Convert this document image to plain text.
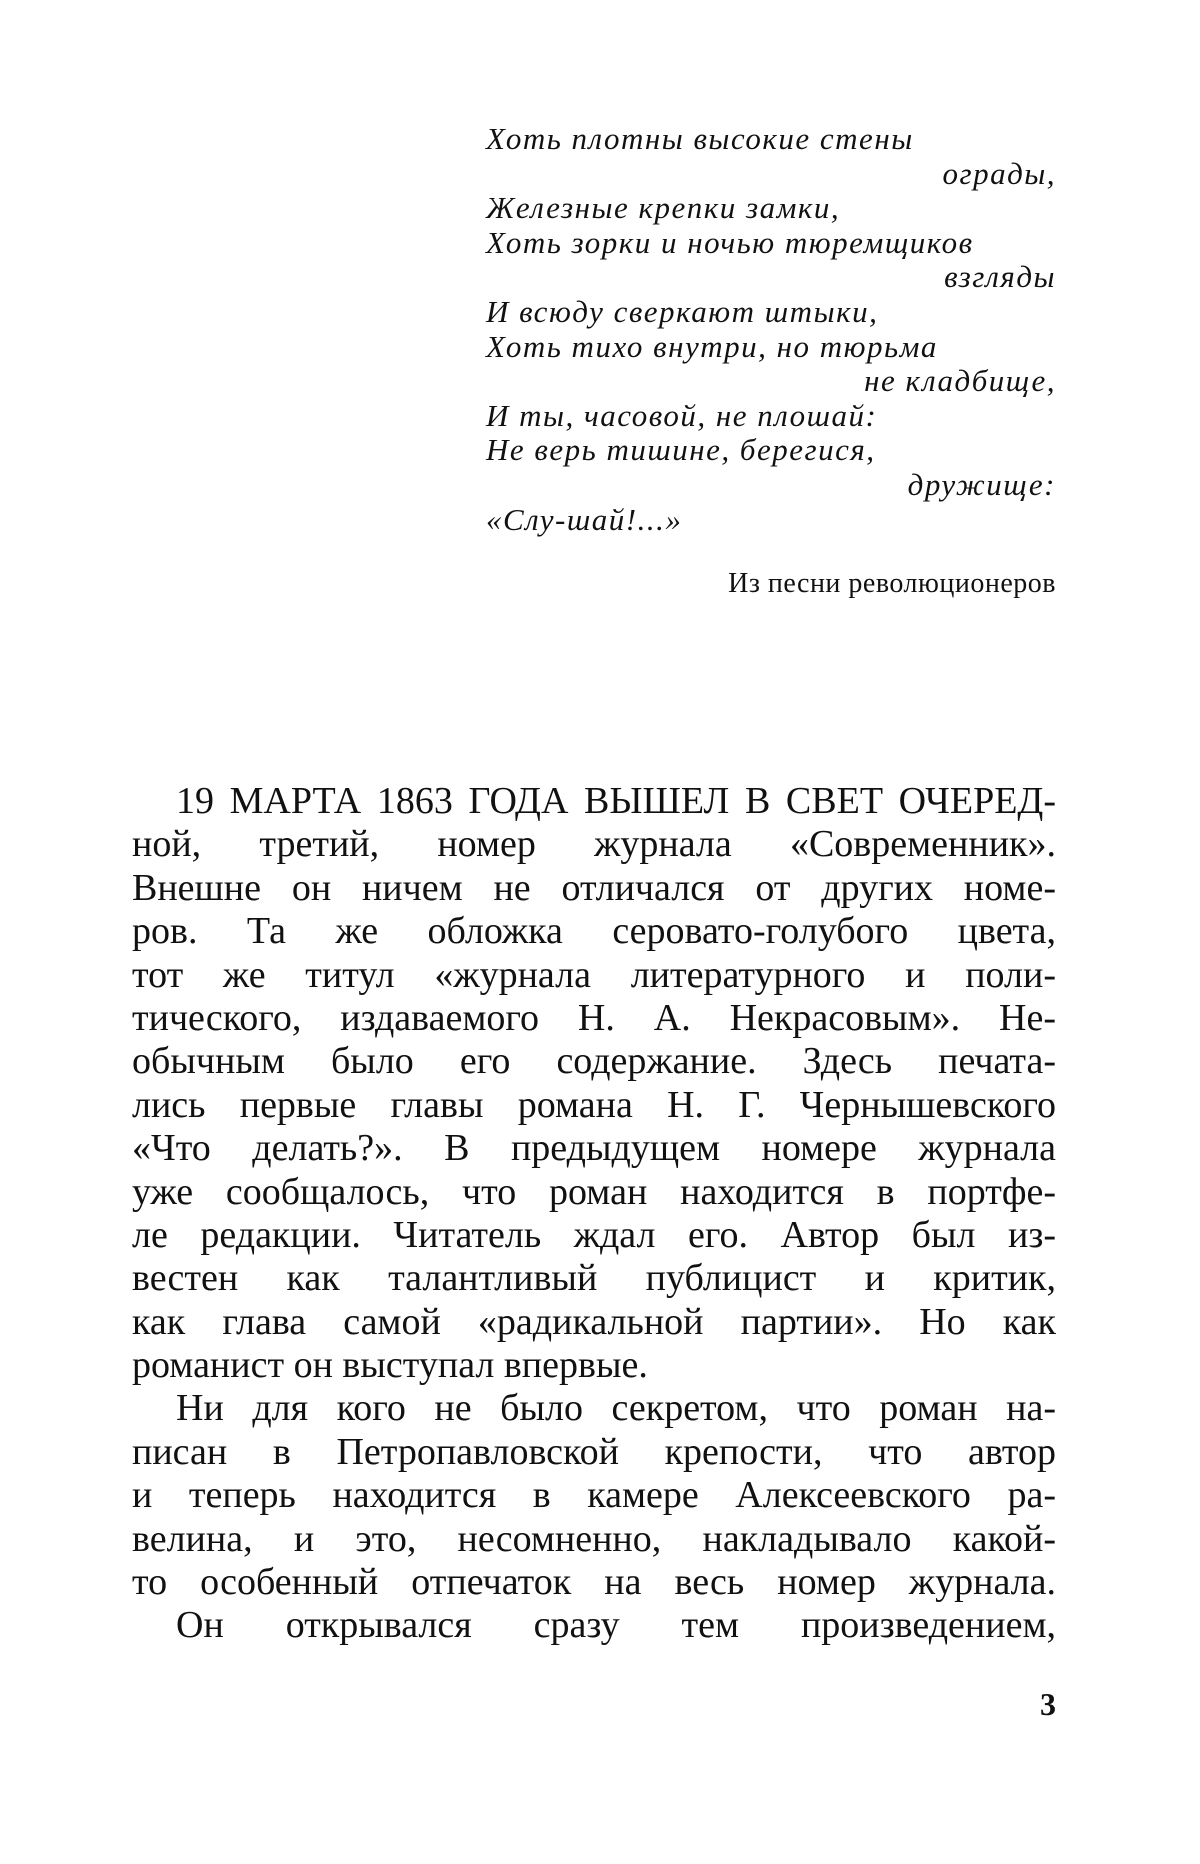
Хоть плотны высокие стены
ограды,
Железные крепки замки,
Хоть зорки и ночью тюремщиков
взгляды
И всюду сверкают штыки,
Хоть тихо внутри, но тюрьма
не кладбище,
И ты, часовой, не плошай:
Не верь тишине, берегися,
дружище:
«Слу-шай!...»
Из песни революционеров
19 МАРТА 1863 ГОДА ВЫШЕЛ В СВЕТ ОЧЕРЕД-
ной, третий, номер журнала «Современник».
Внешне он ничем не отличался от других номе-
ров. Та же обложка серовато-голубого цвета,
тот же титул «журнала литературного и поли-
тического, издаваемого Н. А. Некрасовым». Не-
обычным было его содержание. Здесь печата-
лись первые главы романа Н. Г. Чернышевского
«Что делать?». В предыдущем номере журнала
уже сообщалось, что роман находится в портфе-
ле редакции. Читатель ждал его. Автор был из-
вестен как талантливый публицист и критик,
как глава самой «радикальной партии». Но как
романист он выступал впервые.
Ни для кого не было секретом, что роман на-
писан в Петропавловской крепости, что автор
и теперь находится в камере Алексеевского ра-
велина, и это, несомненно, накладывало какой-
то особенный отпечаток на весь номер журнала.
Он открывался сразу тем произведением,
3
